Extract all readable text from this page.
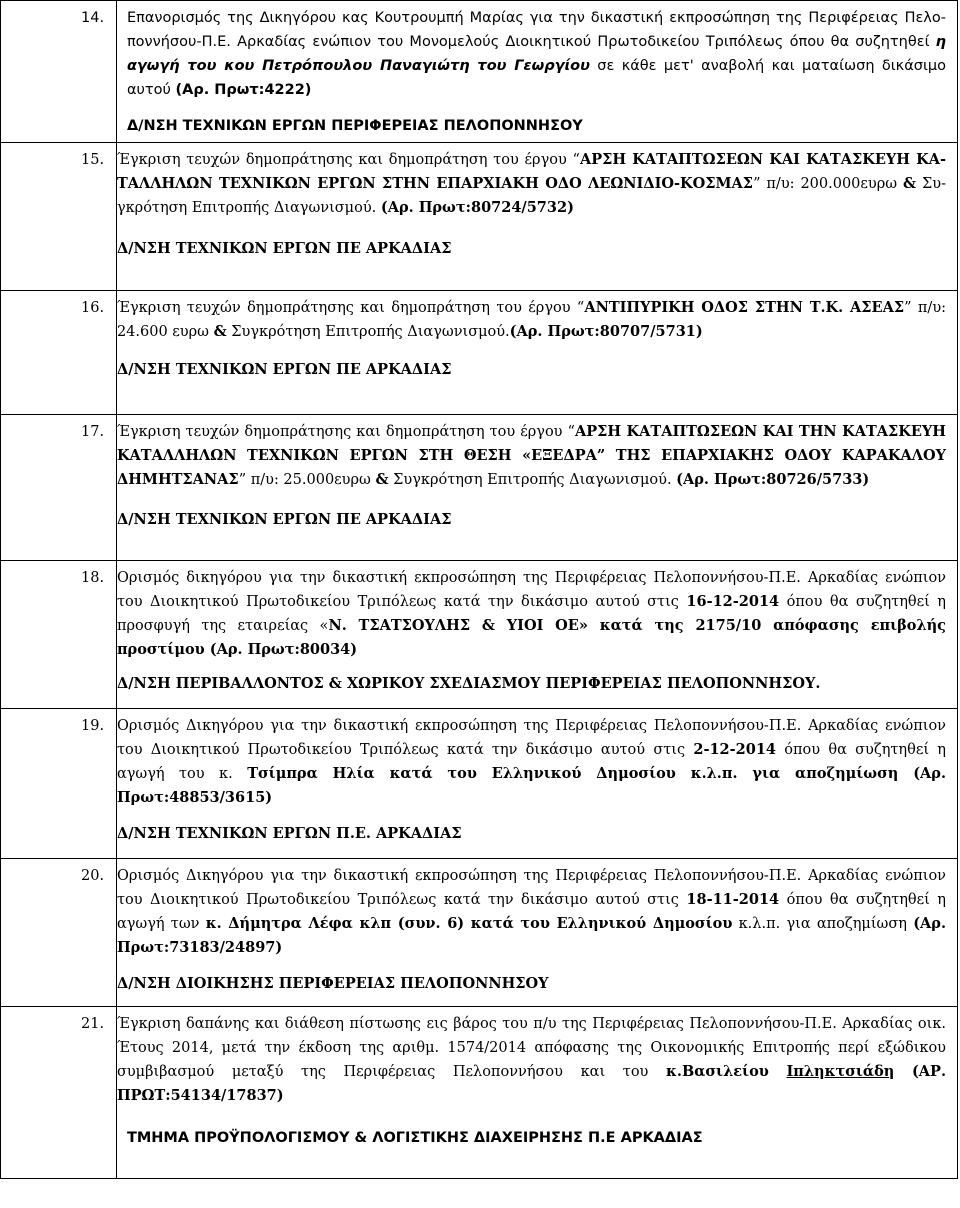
14.	Επανορισμός της Δικηγόρου κας Κουτρουμπή Μαρίας για την δικαστική εκπροσώπηση της Περιφέρειας Πελο-ποννήσου-Π.Ε. Αρκαδίας ενώπιον του Μονομελούς Διοικητικού Πρωτοδικείου Τριπόλεως όπου θα συζητηθεί η αγωγή του κου Πετρόπουλου Παναγιώτη του Γεωργίου σε κάθε μετ' αναβολή και ματαίωση δικάσιμο αυτού (Αρ. Πρωτ:4222)
Δ/ΝΣΗ ΤΕΧΝΙΚΩΝ ΕΡΓΩΝ ΠΕΡΙΦΕΡΕΙΑΣ ΠΕΛΟΠΟΝΝΗΣΟΥ

15.	Έγκριση τευχών δημοπράτησης και δημοπράτηση του έργου “ΑΡΣΗ ΚΑΤΑΠΤΩΣΕΩΝ ΚΑΙ ΚΑΤΑΣΚΕΥΗ ΚΑ-ΤΑΛΛΗΛΩΝ ΤΕΧΝΙΚΩΝ ΕΡΓΩΝ ΣΤΗΝ ΕΠΑΡΧΙΑΚΗ ΟΔΟ ΛΕΩΝΙΔΙΟ-ΚΟΣΜΑΣ” π/υ: 200.000ευρω & Συ-γκρότηση Επιτροπής Διαγωνισμού. (Αρ. Πρωτ:80724/5732)
Δ/ΝΣΗ ΤΕΧΝΙΚΩΝ ΕΡΓΩΝ ΠΕ ΑΡΚΑΔΙΑΣ

16.	Έγκριση τευχών δημοπράτησης και δημοπράτηση του έργου “ΑΝΤΙΠΥΡΙΚΗ ΟΔΟΣ ΣΤΗΝ Τ.Κ. ΑΣΕΑΣ” π/υ: 24.600 ευρω & Συγκρότηση Επιτροπής Διαγωνισμού.(Αρ. Πρωτ:80707/5731)
Δ/ΝΣΗ ΤΕΧΝΙΚΩΝ ΕΡΓΩΝ ΠΕ ΑΡΚΑΔΙΑΣ

17.	Έγκριση τευχών δημοπράτησης και δημοπράτηση του έργου “ΑΡΣΗ ΚΑΤΑΠΤΩΣΕΩΝ ΚΑΙ ΤΗΝ ΚΑΤΑΣΚΕΥΗ ΚΑΤΑΛΛΗΛΩΝ ΤΕΧΝΙΚΩΝ ΕΡΓΩΝ ΣΤΗ ΘΕΣΗ «ΕΞΕΔΡΑ” ΤΗΣ ΕΠΑΡΧΙΑΚΗΣ ΟΔΟΥ ΚΑΡΑΚΑΛΟΥ ΔΗΜΗΤΣΑΝΑΣ” π/υ: 25.000ευρω & Συγκρότηση Επιτροπής Διαγωνισμού. (Αρ. Πρωτ:80726/5733)
Δ/ΝΣΗ ΤΕΧΝΙΚΩΝ ΕΡΓΩΝ ΠΕ ΑΡΚΑΔΙΑΣ

18.	Ορισμός δικηγόρου για την δικαστική εκπροσώπηση της Περιφέρειας Πελοποννήσου-Π.Ε. Αρκαδίας ενώπιον του Διοικητικού Πρωτοδικείου Τριπόλεως κατά την δικάσιμο αυτού στις 16-12-2014 όπου θα συζητηθεί η προσφυγή της εταιρείας «Ν. ΤΣΑΤΣΟΥΛΗΣ & ΥΙΟΙ ΟΕ» κατά της 2175/10 απόφασης επιβολής προστίμου (Αρ. Πρωτ:80034)
Δ/ΝΣΗ ΠΕΡΙΒΑΛΛΟΝΤΟΣ & ΧΩΡΙΚΟΥ ΣΧΕΔΙΑΣΜΟΥ ΠΕΡΙΦΕΡΕΙΑΣ ΠΕΛΟΠΟΝΝΗΣΟΥ.

19.	Ορισμός Δικηγόρου για την δικαστική εκπροσώπηση της Περιφέρειας Πελοποννήσου-Π.Ε. Αρκαδίας ενώπιον του Διοικητικού Πρωτοδικείου Τριπόλεως κατά την δικάσιμο αυτού στις 2-12-2014 όπου θα συζητηθεί η αγωγή του κ. Τσίμπρα Ηλία κατά του Ελληνικού Δημοσίου κ.λ.π. για αποζημίωση (Αρ. Πρωτ:48853/3615)
Δ/ΝΣΗ ΤΕΧΝΙΚΩΝ ΕΡΓΩΝ Π.Ε. ΑΡΚΑΔΙΑΣ

20.	Ορισμός Δικηγόρου για την δικαστική εκπροσώπηση της Περιφέρειας Πελοποννήσου-Π.Ε. Αρκαδίας ενώπιον του Διοικητικού Πρωτοδικείου Τριπόλεως κατά την δικάσιμο αυτού στις 18-11-2014 όπου θα συζητηθεί η αγωγή των κ. Δήμητρα Λέφα κλπ (συν. 6) κατά του Ελληνικού Δημοσίου κ.λ.π. για αποζημίωση (Αρ. Πρωτ:73183/24897)
Δ/ΝΣΗ ΔΙΟΙΚΗΣΗΣ ΠΕΡΙΦΕΡΕΙΑΣ ΠΕΛΟΠΟΝΝΗΣΟΥ

21.	Έγκριση δαπάνης και διάθεση πίστωσης εις βάρος του π/υ της Περιφέρειας Πελοποννήσου-Π.Ε. Αρκαδίας οικ. Έτους 2014, μετά την έκδοση της αριθμ. 1574/2014 απόφασης της Οικονομικής Επιτροπής περί εξώδικου συμβιβασμού μεταξύ της Περιφέρειας Πελοποννήσου και του κ.Βασιλείου Ιπληκτσιάδη (ΑΡ. ΠΡΩΤ:54134/17837)
ΤΜΗΜΑ ΠΡΟΫΠΟΛΟΓΙΣΜΟΥ & ΛΟΓΙΣΤΙΚΗΣ ΔΙΑΧΕΙΡΗΣΗΣ Π.Ε ΑΡΚΑΔΙΑΣ
